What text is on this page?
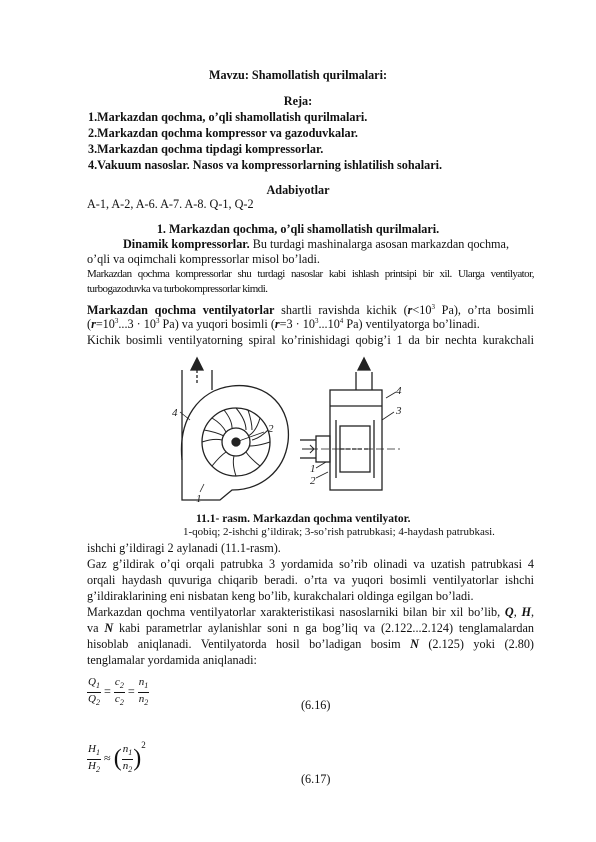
Mavzu: Shamollatish qurilmalari:
Reja:
1.Markazdan qochma, o’qli shamollatish qurilmalari.
2.Markazdan qochma kompressor va gazoduvkalar.
3.Markazdan qochma tipdagi kompressorlar.
4.Vakuum nasoslar. Nasos va kompressorlarning ishlatilish sohalari.
Adabiyotlar
A-1, A-2, A-6. A-7. A-8. Q-1, Q-2
1. Markazdan qochma, o’qli shamollatish qurilmalari.
Dinamik kompressorlar. Bu turdagi mashinalarga asosan markazdan qochma,
o’qli va oqimchali kompressorlar misol bo’ladi.
Markazdan qochma kompressorlar shu turdagi nasoslar kabi ishlash printsipi bir xil. Ularga ventilyator,
turbogazoduvka va turbokompressorlar kimdi.
Markazdan qochma ventilyatorlar shartli ravishda kichik ($r<10^3$ Pa), o’rta bosimli
($r=10^3...3 \cdot 10^3$ Pa) va yuqori bosimli ($r=3 \cdot 10^3...10^4$ Pa) ventilyatorga bo’linadi.
Kichik bosimli ventilyatorning spiral ko’rinishidagi qobig’i 1 da bir nechta kurakchali
4
2
1
4
3
1
2
11.1- rasm. Markazdan qochma ventilyator.
1-qobiq; 2-ishchi g’ildirak; 3-so’rish patrubkasi; 4-haydash patrubkasi.
ishchi g’ildiragi 2 aylanadi (11.1-rasm).
Gaz g’ildirak o’qi orqali patrubka 3 yordamida so’rib olinadi va uzatish patrubkasi 4
orqali haydash quvuriga chiqarib beradi. o’rta va yuqori bosimli ventilyatorlar ishchi
g’ildiraklarining eni nisbatan keng bo’lib, kurakchalari oldinga egilgan bo’ladi.
Markazdan qochma ventilyatorlar xarakteristikasi nasoslarniki bilan bir xil bo’lib, Q, H,
va N kabi parametrlar aylanishlar soni n ga bog’liq va (2.122...2.124) tenglamalardan
hisoblab aniqlanadi. Ventilyatorda hosil bo’ladigan bosim N (2.125) yoki (2.80)
tenglamalar yordamida aniqlanadi:
$\frac{Q_1}{Q_2} = \frac{c_2}{c_2} = \frac{n_1}{n_2}$	(6.16)
$\frac{H_1}{H_2}$ ≈ ( $\frac{n_1}{n_2} )^2$
(6.17)
